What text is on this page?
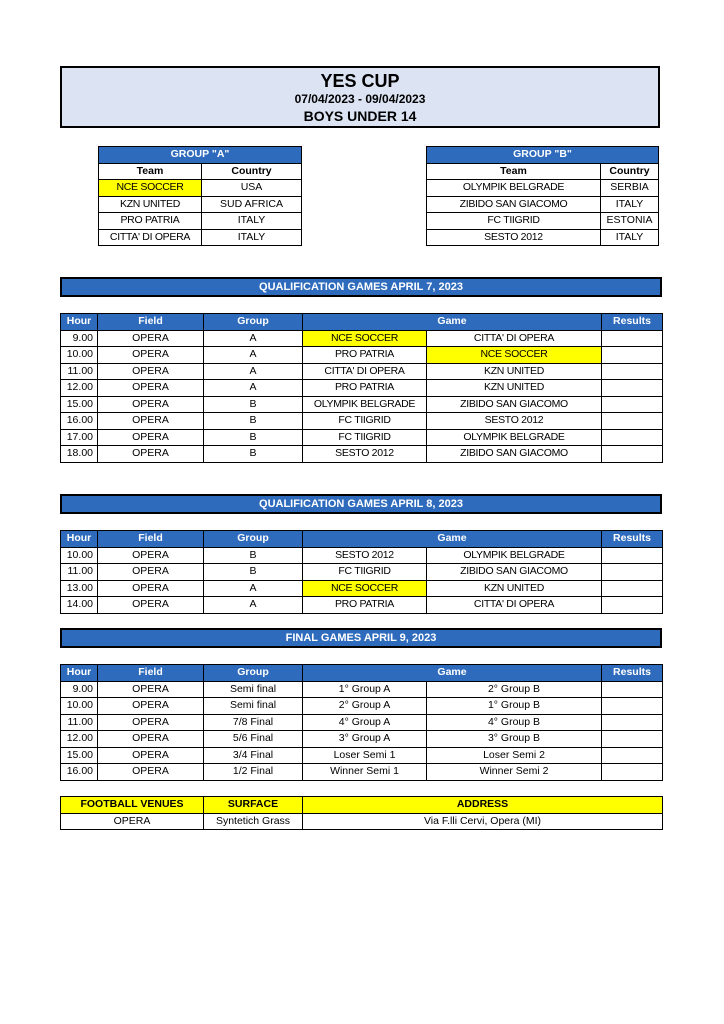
YES CUP
07/04/2023 - 09/04/2023
BOYS UNDER 14
GROUP "A"	
Team	Country
NCE SOCCER	USA
KZN UNITED	SUD AFRICA
PRO PATRIA	ITALY
CITTA' DI OPERA	ITALY
GROUP "B"	
Team	Country
OLYMPIK BELGRADE	SERBIA
ZIBIDO SAN GIACOMO	ITALY
FC TIIGRID	ESTONIA
SESTO 2012	ITALY
QUALIFICATION GAMES APRIL 7, 2023
Hour	Field	Group	Game		Results
9.00	OPERA	A	NCE SOCCER	CITTA' DI OPERA	
10.00	OPERA	A	PRO PATRIA	NCE SOCCER	
11.00	OPERA	A	CITTA' DI OPERA	KZN UNITED	
12.00	OPERA	A	PRO PATRIA	KZN UNITED	
15.00	OPERA	B	OLYMPIK BELGRADE	ZIBIDO SAN GIACOMO	
16.00	OPERA	B	FC TIIGRID	SESTO 2012	
17.00	OPERA	B	FC TIIGRID	OLYMPIK BELGRADE	
18.00	OPERA	B	SESTO 2012	ZIBIDO SAN GIACOMO	
QUALIFICATION GAMES APRIL 8, 2023
Hour	Field	Group	Game		Results
10.00	OPERA	B	SESTO 2012	OLYMPIK BELGRADE	
11.00	OPERA	B	FC TIIGRID	ZIBIDO SAN GIACOMO	
13.00	OPERA	A	NCE SOCCER	KZN UNITED	
14.00	OPERA	A	PRO PATRIA	CITTA' DI OPERA	
FINAL GAMES APRIL 9, 2023
Hour	Field	Group	Game		Results
9.00	OPERA	Semi final	1° Group A	2° Group B	
10.00	OPERA	Semi final	2° Group A	1° Group B	
11.00	OPERA	7/8 Final	4° Group A	4° Group B	
12.00	OPERA	5/6 Final	3° Group A	3° Group B	
15.00	OPERA	3/4 Final	Loser Semi 1	Loser Semi 2	
16.00	OPERA	1/2 Final	Winner Semi 1	Winner Semi 2	
FOOTBALL VENUES	SURFACE	ADDRESS
OPERA	Syntetich Grass	Via F.lli Cervi, Opera (MI)
